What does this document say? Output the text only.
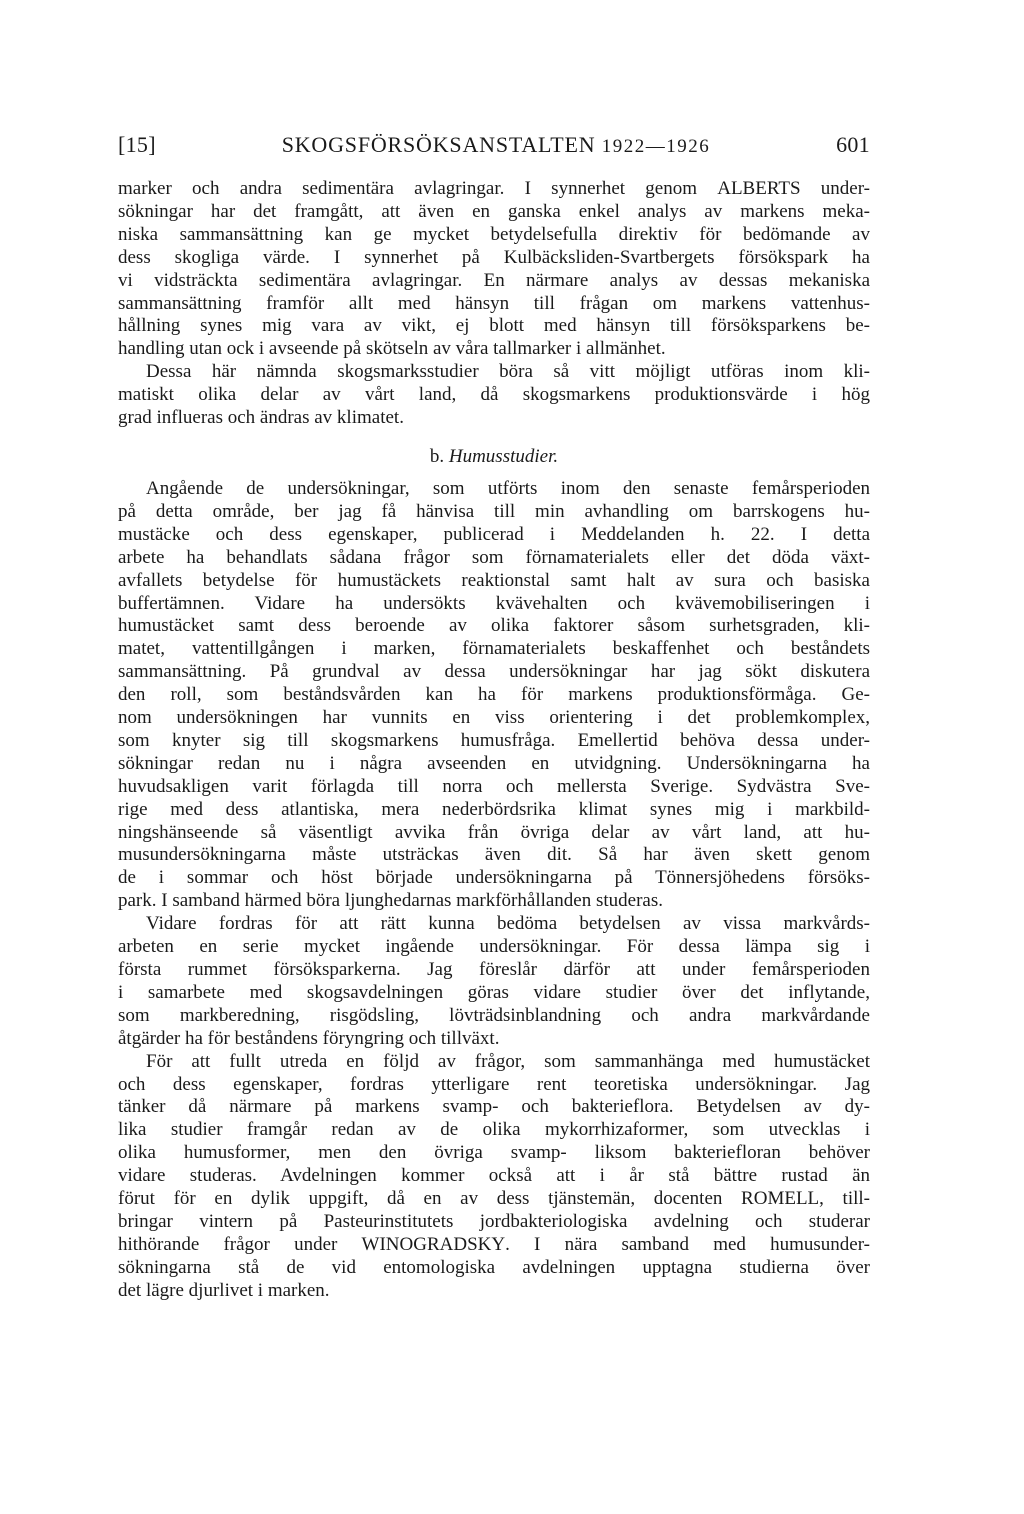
[15]	SKOGSFÖRSÖKSANSTALTEN 1922—1926	601
marker och andra sedimentära avlagringar. I synnerhet genom ALBERTS under-
sökningar har det framgått, att även en ganska enkel analys av markens meka-
niska sammansättning kan ge mycket betydelsefulla direktiv för bedömande av
dess skogliga värde. I synnerhet på Kulbäcksliden-Svartbergets försökspark ha
vi vidsträckta sedimentära avlagringar. En närmare analys av dessas mekaniska
sammansättning framför allt med hänsyn till frågan om markens vattenhus-
hållning synes mig vara av vikt, ej blott med hänsyn till försöksparkens be-
handling utan ock i avseende på skötseln av våra tallmarker i allmänhet.
Dessa här nämnda skogsmarksstudier böra så vitt möjligt utföras inom kli-
matiskt olika delar av vårt land, då skogsmarkens produktionsvärde i hög
grad influeras och ändras av klimatet.
b. Humusstudier.
Angående de undersökningar, som utförts inom den senaste femårsperioden
på detta område, ber jag få hänvisa till min avhandling om barrskogens hu-
mustäcke och dess egenskaper, publicerad i Meddelanden h. 22. I detta
arbete ha behandlats sådana frågor som förnamaterialets eller det döda växt-
avfallets betydelse för humustäckets reaktionstal samt halt av sura och basiska
buffertämnen. Vidare ha undersökts kvävehalten och kvävemobiliseringen i
humustäcket samt dess beroende av olika faktorer såsom surhetsgraden, kli-
matet, vattentillgången i marken, förnamaterialets beskaffenhet och beståndets
sammansättning. På grundval av dessa undersökningar har jag sökt diskutera
den roll, som beståndsvården kan ha för markens produktionsförmåga. Ge-
nom undersökningen har vunnits en viss orientering i det problemkomplex,
som knyter sig till skogsmarkens humusfråga. Emellertid behöva dessa under-
sökningar redan nu i några avseenden en utvidgning. Undersökningarna ha
huvudsakligen varit förlagda till norra och mellersta Sverige. Sydvästra Sve-
rige med dess atlantiska, mera nederbördsrika klimat synes mig i markbild-
ningshänseende så väsentligt avvika från övriga delar av vårt land, att hu-
musundersökningarna måste utsträckas även dit. Så har även skett genom
de i sommar och höst började undersökningarna på Tönnersjöhedens försöks-
park. I samband härmed böra ljunghedarnas markförhållanden studeras.
Vidare fordras för att rätt kunna bedöma betydelsen av vissa markvårds-
arbeten en serie mycket ingående undersökningar. För dessa lämpa sig i
första rummet försöksparkerna. Jag föreslår därför att under femårsperioden
i samarbete med skogsavdelningen göras vidare studier över det inflytande,
som markberedning, risgödsling, lövträdsinblandning och andra markvårdande
åtgärder ha för beståndens föryngring och tillväxt.
För att fullt utreda en följd av frågor, som sammanhänga med humustäcket
och dess egenskaper, fordras ytterligare rent teoretiska undersökningar. Jag
tänker då närmare på markens svamp- och bakterieflora. Betydelsen av dy-
lika studier framgår redan av de olika mykorrhizaformer, som utvecklas i
olika humusformer, men den övriga svamp- liksom bakteriefloran behöver
vidare studeras. Avdelningen kommer också att i år stå bättre rustad än
förut för en dylik uppgift, då en av dess tjänstemän, docenten ROMELL, till-
bringar vintern på Pasteurinstitutets jordbakteriologiska avdelning och studerar
hithörande frågor under WINOGRADSKY. I nära samband med humusunder-
sökningarna stå de vid entomologiska avdelningen upptagna studierna över
det lägre djurlivet i marken.
